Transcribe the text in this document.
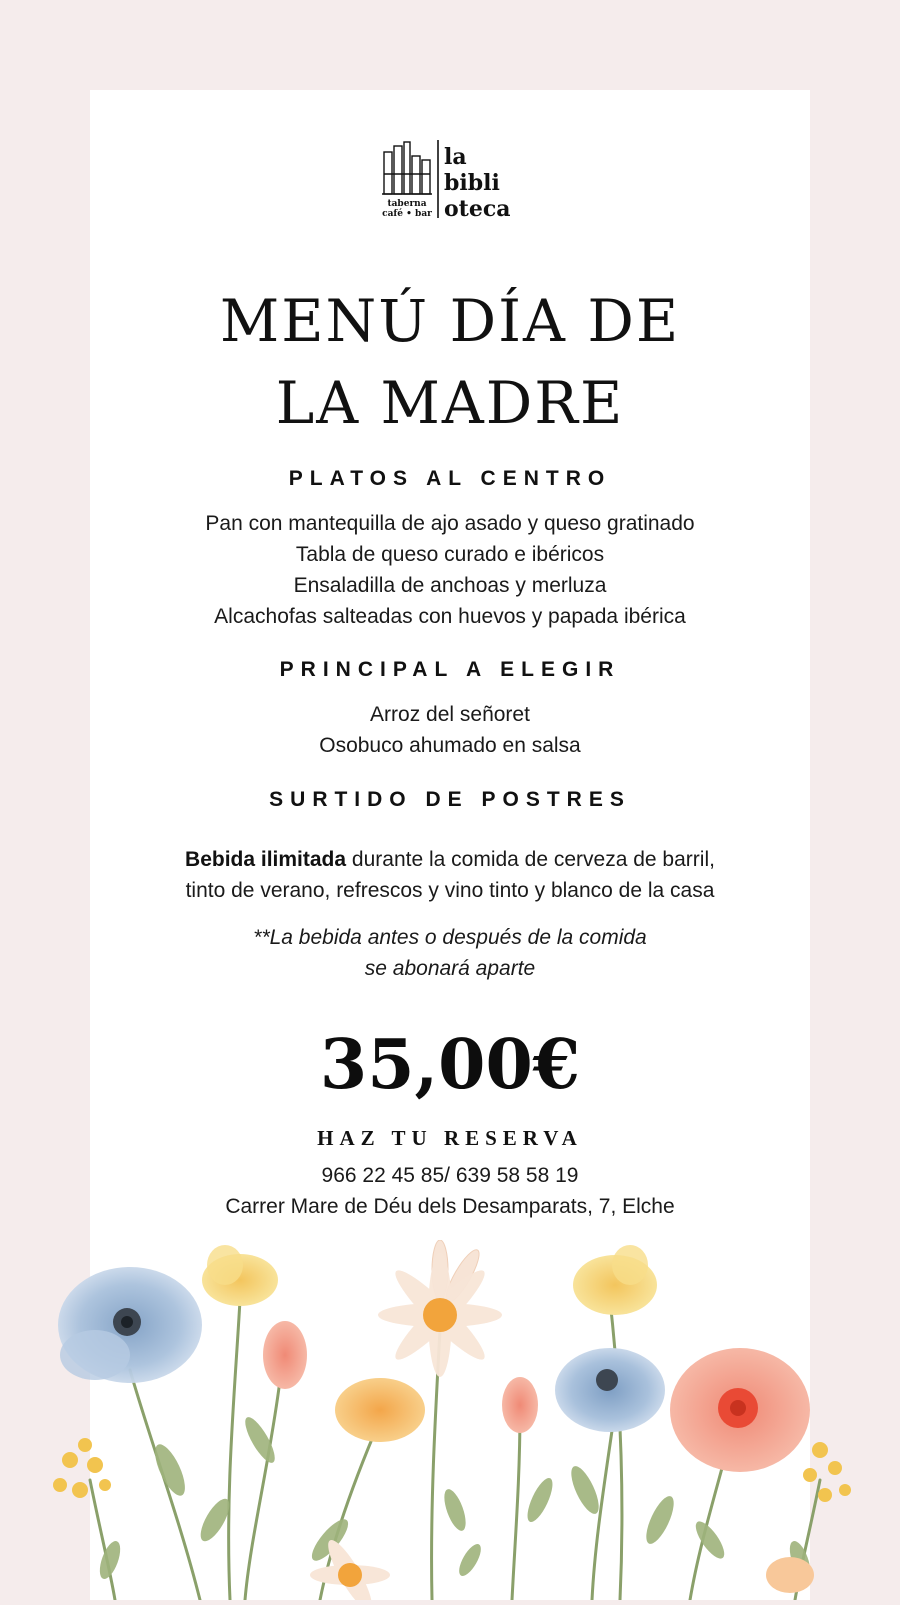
taberna
café • bar
la
bibli
oteca
MENÚ DÍA DE
LA MADRE
PLATOS AL CENTRO
Pan con mantequilla de ajo asado y queso gratinado
Tabla de queso curado e ibéricos
Ensaladilla de anchoas y merluza
Alcachofas salteadas con huevos y papada ibérica
PRINCIPAL A ELEGIR
Arroz del señoret
Osobuco ahumado en salsa
SURTIDO DE POSTRES
Bebida ilimitada durante la comida de cerveza de barril,
tinto de verano, refrescos y vino tinto y blanco de la casa
**La bebida antes o después de la comida
se abonará aparte
35,00€
HAZ TU RESERVA
966 22 45 85/ 639 58 58 19
Carrer Mare de Déu dels Desamparats, 7, Elche
